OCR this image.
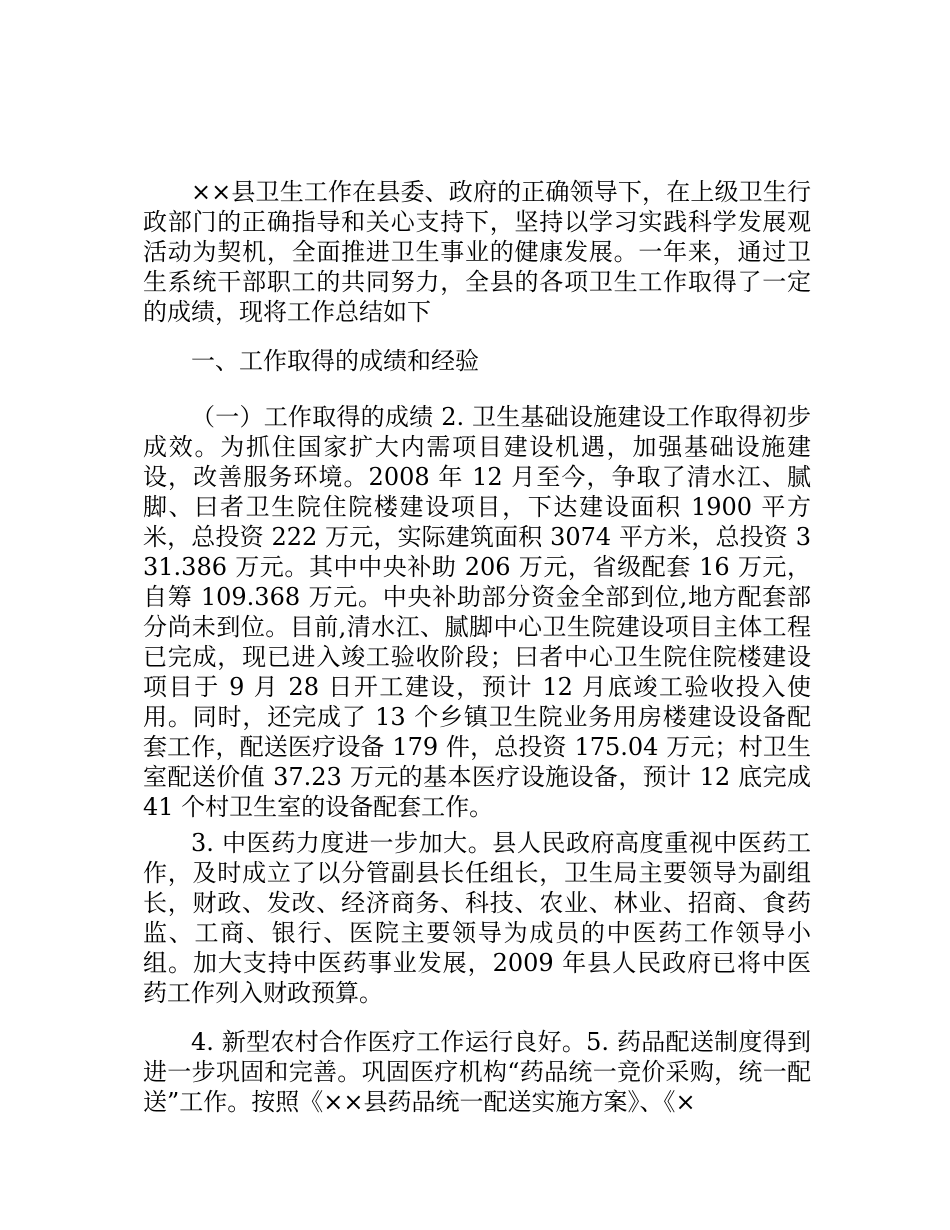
××县卫生工作在县委、政府的正确领导下，在上级卫生行政部门的正确指导和关心支持下，坚持以学习实践科学发展观活动为契机，全面推进卫生事业的健康发展。一年来，通过卫生系统干部职工的共同努力，全县的各项卫生工作取得了一定的成绩，现将工作总结如下

一、工作取得的成绩和经验

（一）工作取得的成绩 2. 卫生基础设施建设工作取得初步成效。为抓住国家扩大内需项目建设机遇，加强基础设施建设，改善服务环境。2008 年 12 月至今，争取了清水江、腻脚、曰者卫生院住院楼建设项目，下达建设面积 1900 平方米，总投资 222 万元，实际建筑面积 3074 平方米，总投资 331.386 万元。其中中央补助 206 万元，省级配套 16 万元，自筹 109.368 万元。中央补助部分资金全部到位,地方配套部分尚未到位。目前,清水江、腻脚中心卫生院建设项目主体工程已完成，现已进入竣工验收阶段；曰者中心卫生院住院楼建设项目于 9 月 28 日开工建设，预计 12 月底竣工验收投入使用。同时，还完成了 13 个乡镇卫生院业务用房楼建设设备配套工作，配送医疗设备 179 件，总投资 175.04 万元；村卫生室配送价值 37.23 万元的基本医疗设施设备，预计 12 底完成 41 个村卫生室的设备配套工作。

3. 中医药力度进一步加大。县人民政府高度重视中医药工作，及时成立了以分管副县长任组长，卫生局主要领导为副组长，财政、发改、经济商务、科技、农业、林业、招商、食药监、工商、银行、医院主要领导为成员的中医药工作领导小组。加大支持中医药事业发展，2009 年县人民政府已将中医药工作列入财政预算。

4. 新型农村合作医疗工作运行良好。5. 药品配送制度得到进一步巩固和完善。巩固医疗机构“药品统一竞价采购，统一配送”工作。按照《××县药品统一配送实施方案》、《×
